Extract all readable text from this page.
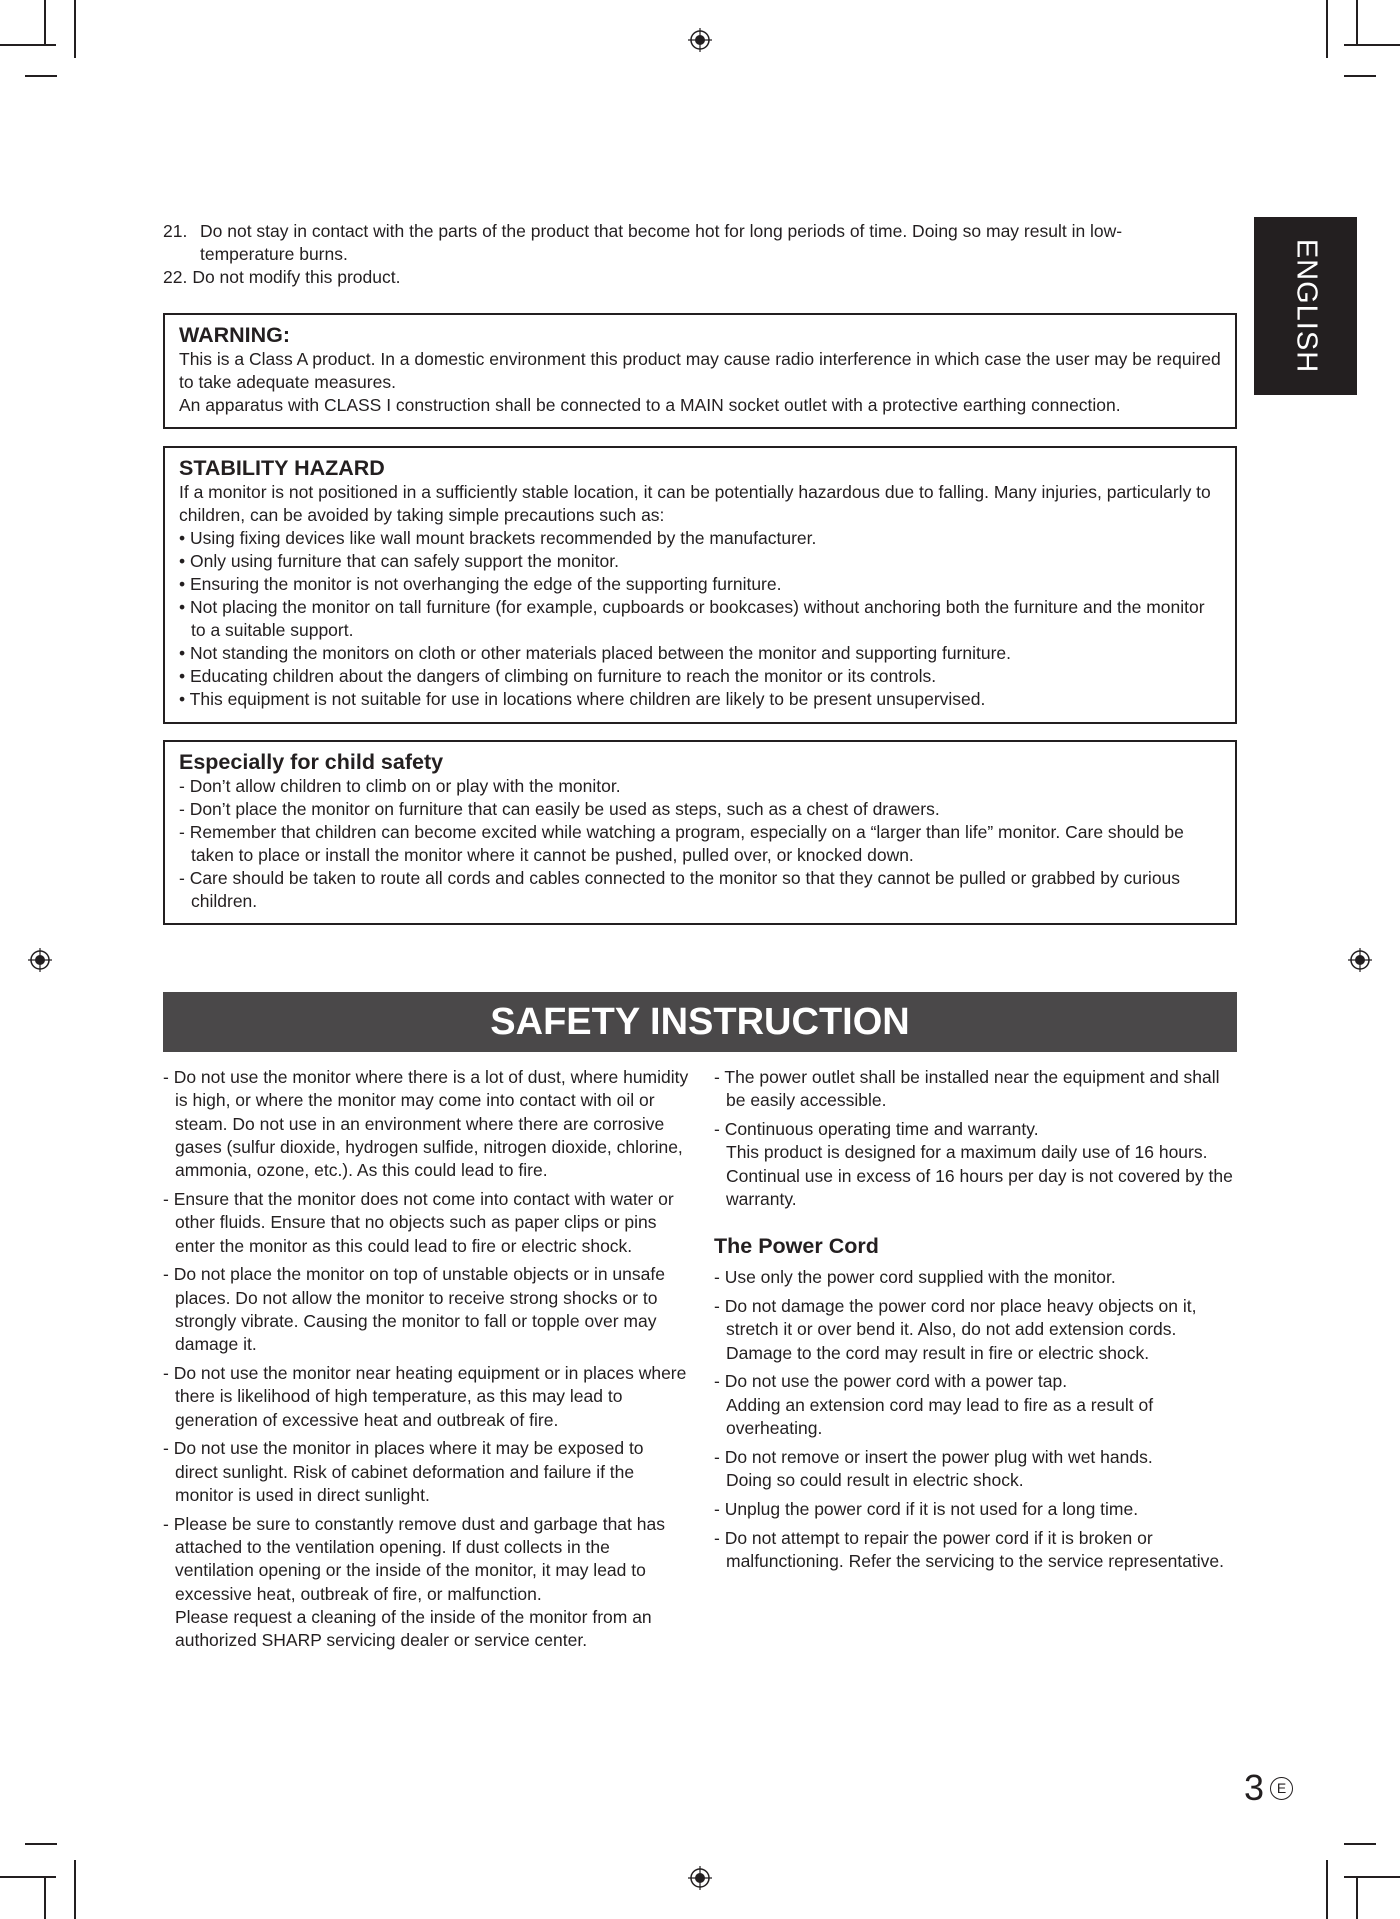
ENGLISH
21. Do not stay in contact with the parts of the product that become hot for long periods of time. Doing so may result in low-temperature burns.
22. Do not modify this product.
WARNING:

This is a Class A product. In a domestic environment this product may cause radio interference in which case the user may be required to take adequate measures.

An apparatus with CLASS I construction shall be connected to a MAIN socket outlet with a protective earthing connection.

STABILITY HAZARD

If a monitor is not positioned in a sufficiently stable location, it can be potentially hazardous due to falling. Many injuries, particularly to children, can be avoided by taking simple precautions such as:

• Using fixing devices like wall mount brackets recommended by the manufacturer.
• Only using furniture that can safely support the monitor.
• Ensuring the monitor is not overhanging the edge of the supporting furniture.
• Not placing the monitor on tall furniture (for example, cupboards or bookcases) without anchoring both the furniture and the monitor to a suitable support.
• Not standing the monitors on cloth or other materials placed between the monitor and supporting furniture.
• Educating children about the dangers of climbing on furniture to reach the monitor or its controls.
• This equipment is not suitable for use in locations where children are likely to be present unsupervised.
Especially for child safety
- Don’t allow children to climb on or play with the monitor.
- Don’t place the monitor on furniture that can easily be used as steps, such as a chest of drawers.
- Remember that children can become excited while watching a program, especially on a “larger than life” monitor. Care should be taken to place or install the monitor where it cannot be pushed, pulled over, or knocked down.
- Care should be taken to route all cords and cables connected to the monitor so that they cannot be pulled or grabbed by curious children.
SAFETY INSTRUCTION
- Do not use the monitor where there is a lot of dust, where humidity is high, or where the monitor may come into contact with oil or steam. Do not use in an environment where there are corrosive gases (sulfur dioxide, hydrogen sulfide, nitrogen dioxide, chlorine, ammonia, ozone, etc.). As this could lead to fire.
- Ensure that the monitor does not come into contact with water or other fluids. Ensure that no objects such as paper clips or pins enter the monitor as this could lead to fire or electric shock.
- Do not place the monitor on top of unstable objects or in unsafe places. Do not allow the monitor to receive strong shocks or to strongly vibrate. Causing the monitor to fall or topple over may damage it.
- Do not use the monitor near heating equipment or in places where there is likelihood of high temperature, as this may lead to generation of excessive heat and outbreak of fire.
- Do not use the monitor in places where it may be exposed to direct sunlight. Risk of cabinet deformation and failure if the monitor is used in direct sunlight.
- Please be sure to constantly remove dust and garbage that has attached to the ventilation opening. If dust collects in the ventilation opening or the inside of the monitor, it may lead to excessive heat, outbreak of fire, or malfunction.
Please request a cleaning of the inside of the monitor from an authorized SHARP servicing dealer or service center.
- The power outlet shall be installed near the equipment and shall be easily accessible.
- Continuous operating time and warranty.
This product is designed for a maximum daily use of 16 hours. Continual use in excess of 16 hours per day is not covered by the warranty.
The Power Cord
- Use only the power cord supplied with the monitor.
- Do not damage the power cord nor place heavy objects on it, stretch it or over bend it. Also, do not add extension cords. Damage to the cord may result in fire or electric shock.
- Do not use the power cord with a power tap.
Adding an extension cord may lead to fire as a result of overheating.
- Do not remove or insert the power plug with wet hands.
Doing so could result in electric shock.
- Unplug the power cord if it is not used for a long time.
- Do not attempt to repair the power cord if it is broken or malfunctioning. Refer the servicing to the service representative.
3 E
